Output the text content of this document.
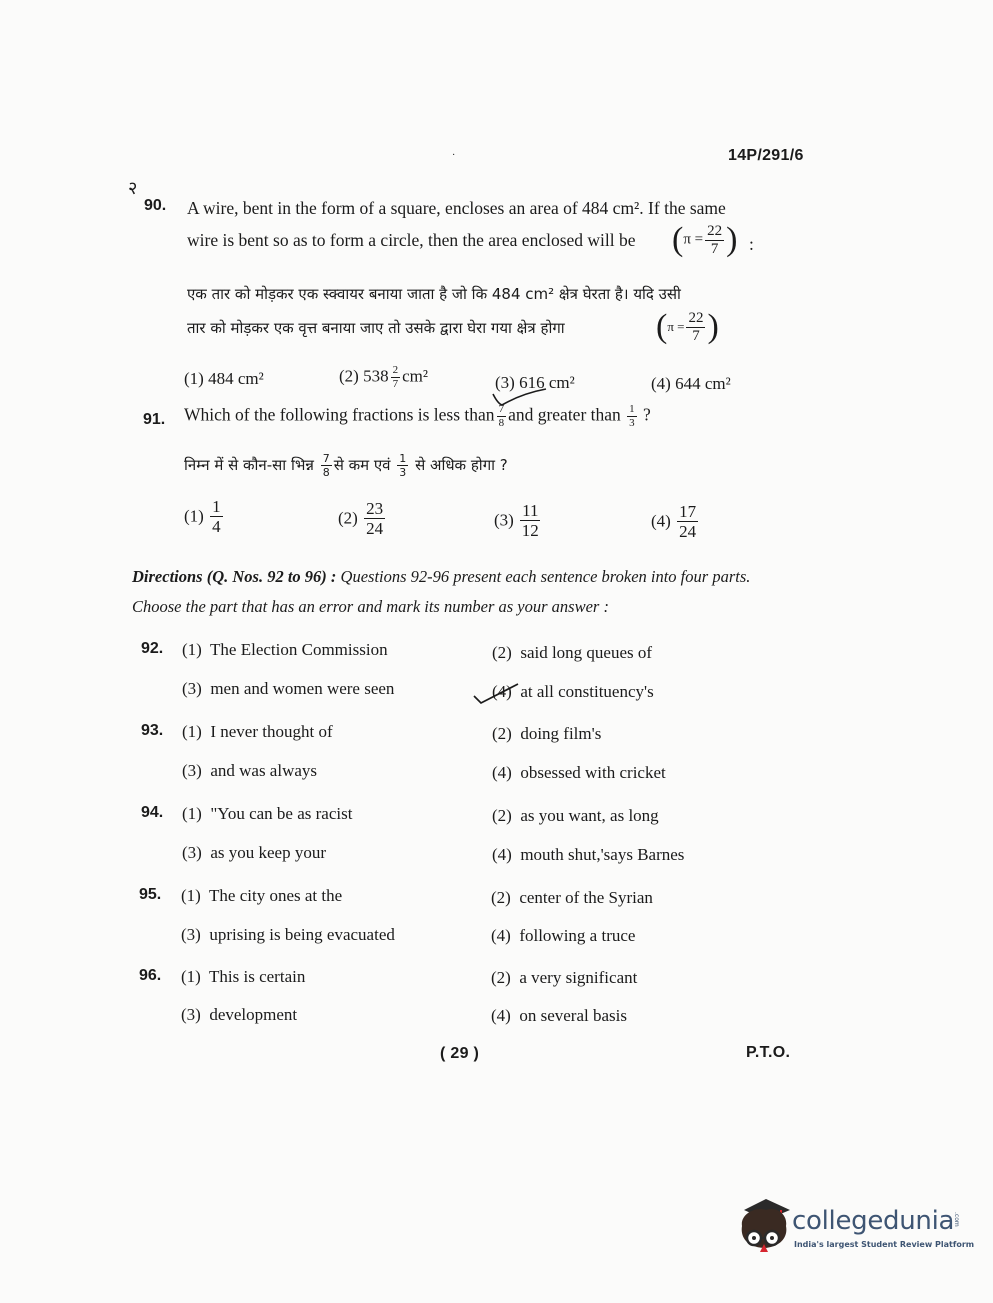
14P/291/6
·
२
90. A wire, bent in the form of a square, encloses an area of 484 cm². If the same
wire is bent so as to form a circle, then the area enclosed will be ($\pi = \frac{22}{7}$ ) :
एक तार को मोड़कर एक स्क्वायर बनाया जाता है जो कि 484 cm² क्षेत्र घेरता है। यदि उसी
तार को मोड़कर एक वृत्त बनाया जाए तो उसके द्वारा घेरा गया क्षेत्र होगा	($\pi = \frac{22}{7}$ )
(1) 484 cm²	(2) $538 \frac{2}{7} cm^2$	(3) 616 cm²	(4) 644 cm²
91. Which of the following fractions is less than $\frac{7}{8}$ and greater than $\frac{1}{3}$ ?
निम्न में से कौन-सा भिन्न $\frac{7}{8}$ से कम एवं $\frac{1}{3}$ से अधिक होगा ?
$(1) \frac{1}{4}$	$(2) \frac{23}{24}$	$(3) \frac{11}{12}$	$(4) \frac{17}{24}$
Directions (Q. Nos. 92 to 96) : Questions 92-96 present each sentence broken into four parts.
Choose the part that has an error and mark its number as your answer :
92. (1) The Election Commission	(2) said long queues of
(3) men and women were seen	(4) at all constituency's
93. (1) I never thought of	(2) doing film's
(3) and was always	(4) obsessed with cricket
94. (1) "You can be as racist	(2) as you want, as long
(3) as you keep your	(4) mouth shut,'says Barnes
95. (1) The city ones at the	(2) center of the Syrian
(3) uprising is being evacuated	(4) following a truce
96. (1) This is certain	(2) a very significant
(3) development	(4) on several basis
( 29 )	P.T.O.
collegedunia
.com
India's largest Student Review Platform
